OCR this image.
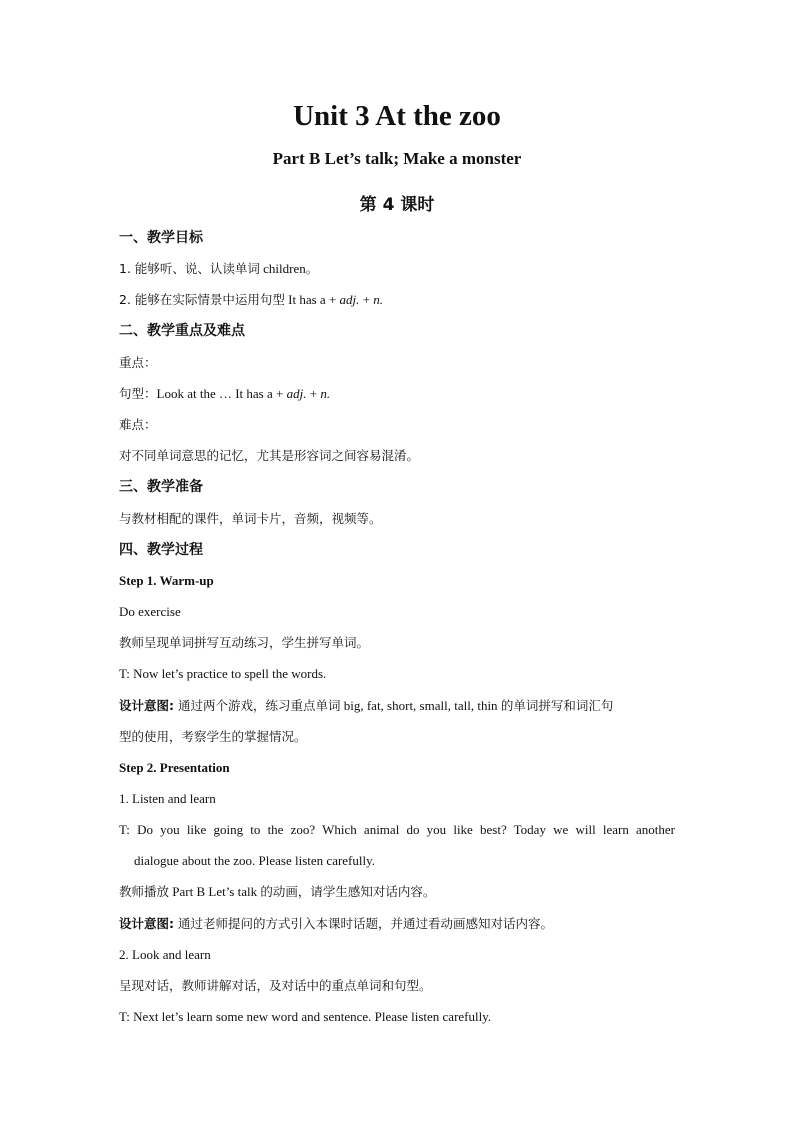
Unit 3 At the zoo
Part B Let’s talk; Make a monster
第 4 课时
一、教学目标
1. 能够听、说、认读单词 children。
2. 能够在实际情景中运用句型 It has a + adj. + n.
二、教学重点及难点
重点：
句型：Look at the … It has a + adj. + n.
难点：
对不同单词意思的记忆，尤其是形容词之间容易混淆。
三、教学准备
与教材相配的课件，单词卡片，音频，视频等。
四、教学过程
Step 1. Warm-up
Do exercise
教师呈现单词拼写互动练习，学生拼写单词。
T: Now let’s practice to spell the words.
设计意图: 通过两个游戏，练习重点单词 big, fat, short, small, tall, thin 的单词拼写和词汇句
型的使用，考察学生的掌握情况。
Step 2. Presentation
1. Listen and learn
T: Do you like going to the zoo? Which animal do you like best? Today we will learn another
dialogue about the zoo. Please listen carefully.
教师播放 Part B Let’s talk 的动画，请学生感知对话内容。
设计意图: 通过老师提问的方式引入本课时话题，并通过看动画感知对话内容。
2. Look and learn
呈现对话，教师讲解对话，及对话中的重点单词和句型。
T: Next let’s learn some new word and sentence. Please listen carefully.
